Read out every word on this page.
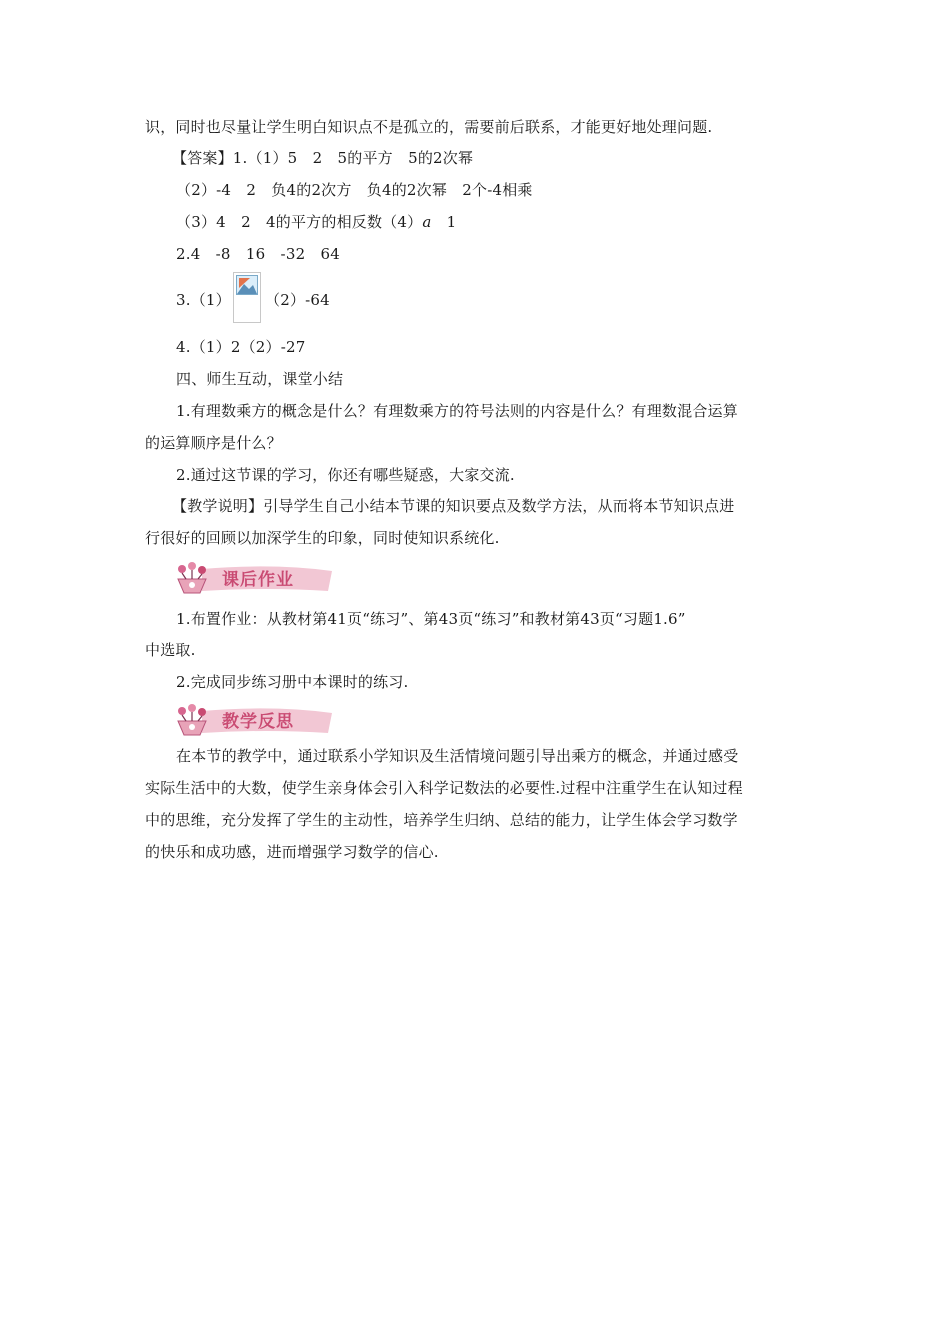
识，同时也尽量让学生明白知识点不是孤立的，需要前后联系，才能更好地处理问题.
【答案】1.（1）5　2　5的平方　5的2次幂
（2）-4　2　负4的2次方　负4的2次幂　2个-4相乘
（3）4　2　4的平方的相反数（4）a　1
2.4　-8　16　-32　64
3.（1）	（2）-64
4.（1）2（2）-27
四、师生互动，课堂小结
1.有理数乘方的概念是什么？有理数乘方的符号法则的内容是什么？有理数混合运算
的运算顺序是什么？
2.通过这节课的学习，你还有哪些疑惑，大家交流.
【教学说明】引导学生自己小结本节课的知识要点及数学方法，从而将本节知识点进
行很好的回顾以加深学生的印象，同时使知识系统化.
课后作业
1.布置作业：从教材第41页“练习”、第43页“练习”和教材第43页“习题1.6”
中选取.
2.完成同步练习册中本课时的练习.
教学反思
在本节的教学中，通过联系小学知识及生活情境问题引导出乘方的概念，并通过感受
实际生活中的大数，使学生亲身体会引入科学记数法的必要性.过程中注重学生在认知过程
中的思维，充分发挥了学生的主动性，培养学生归纳、总结的能力，让学生体会学习数学
的快乐和成功感，进而增强学习数学的信心.
